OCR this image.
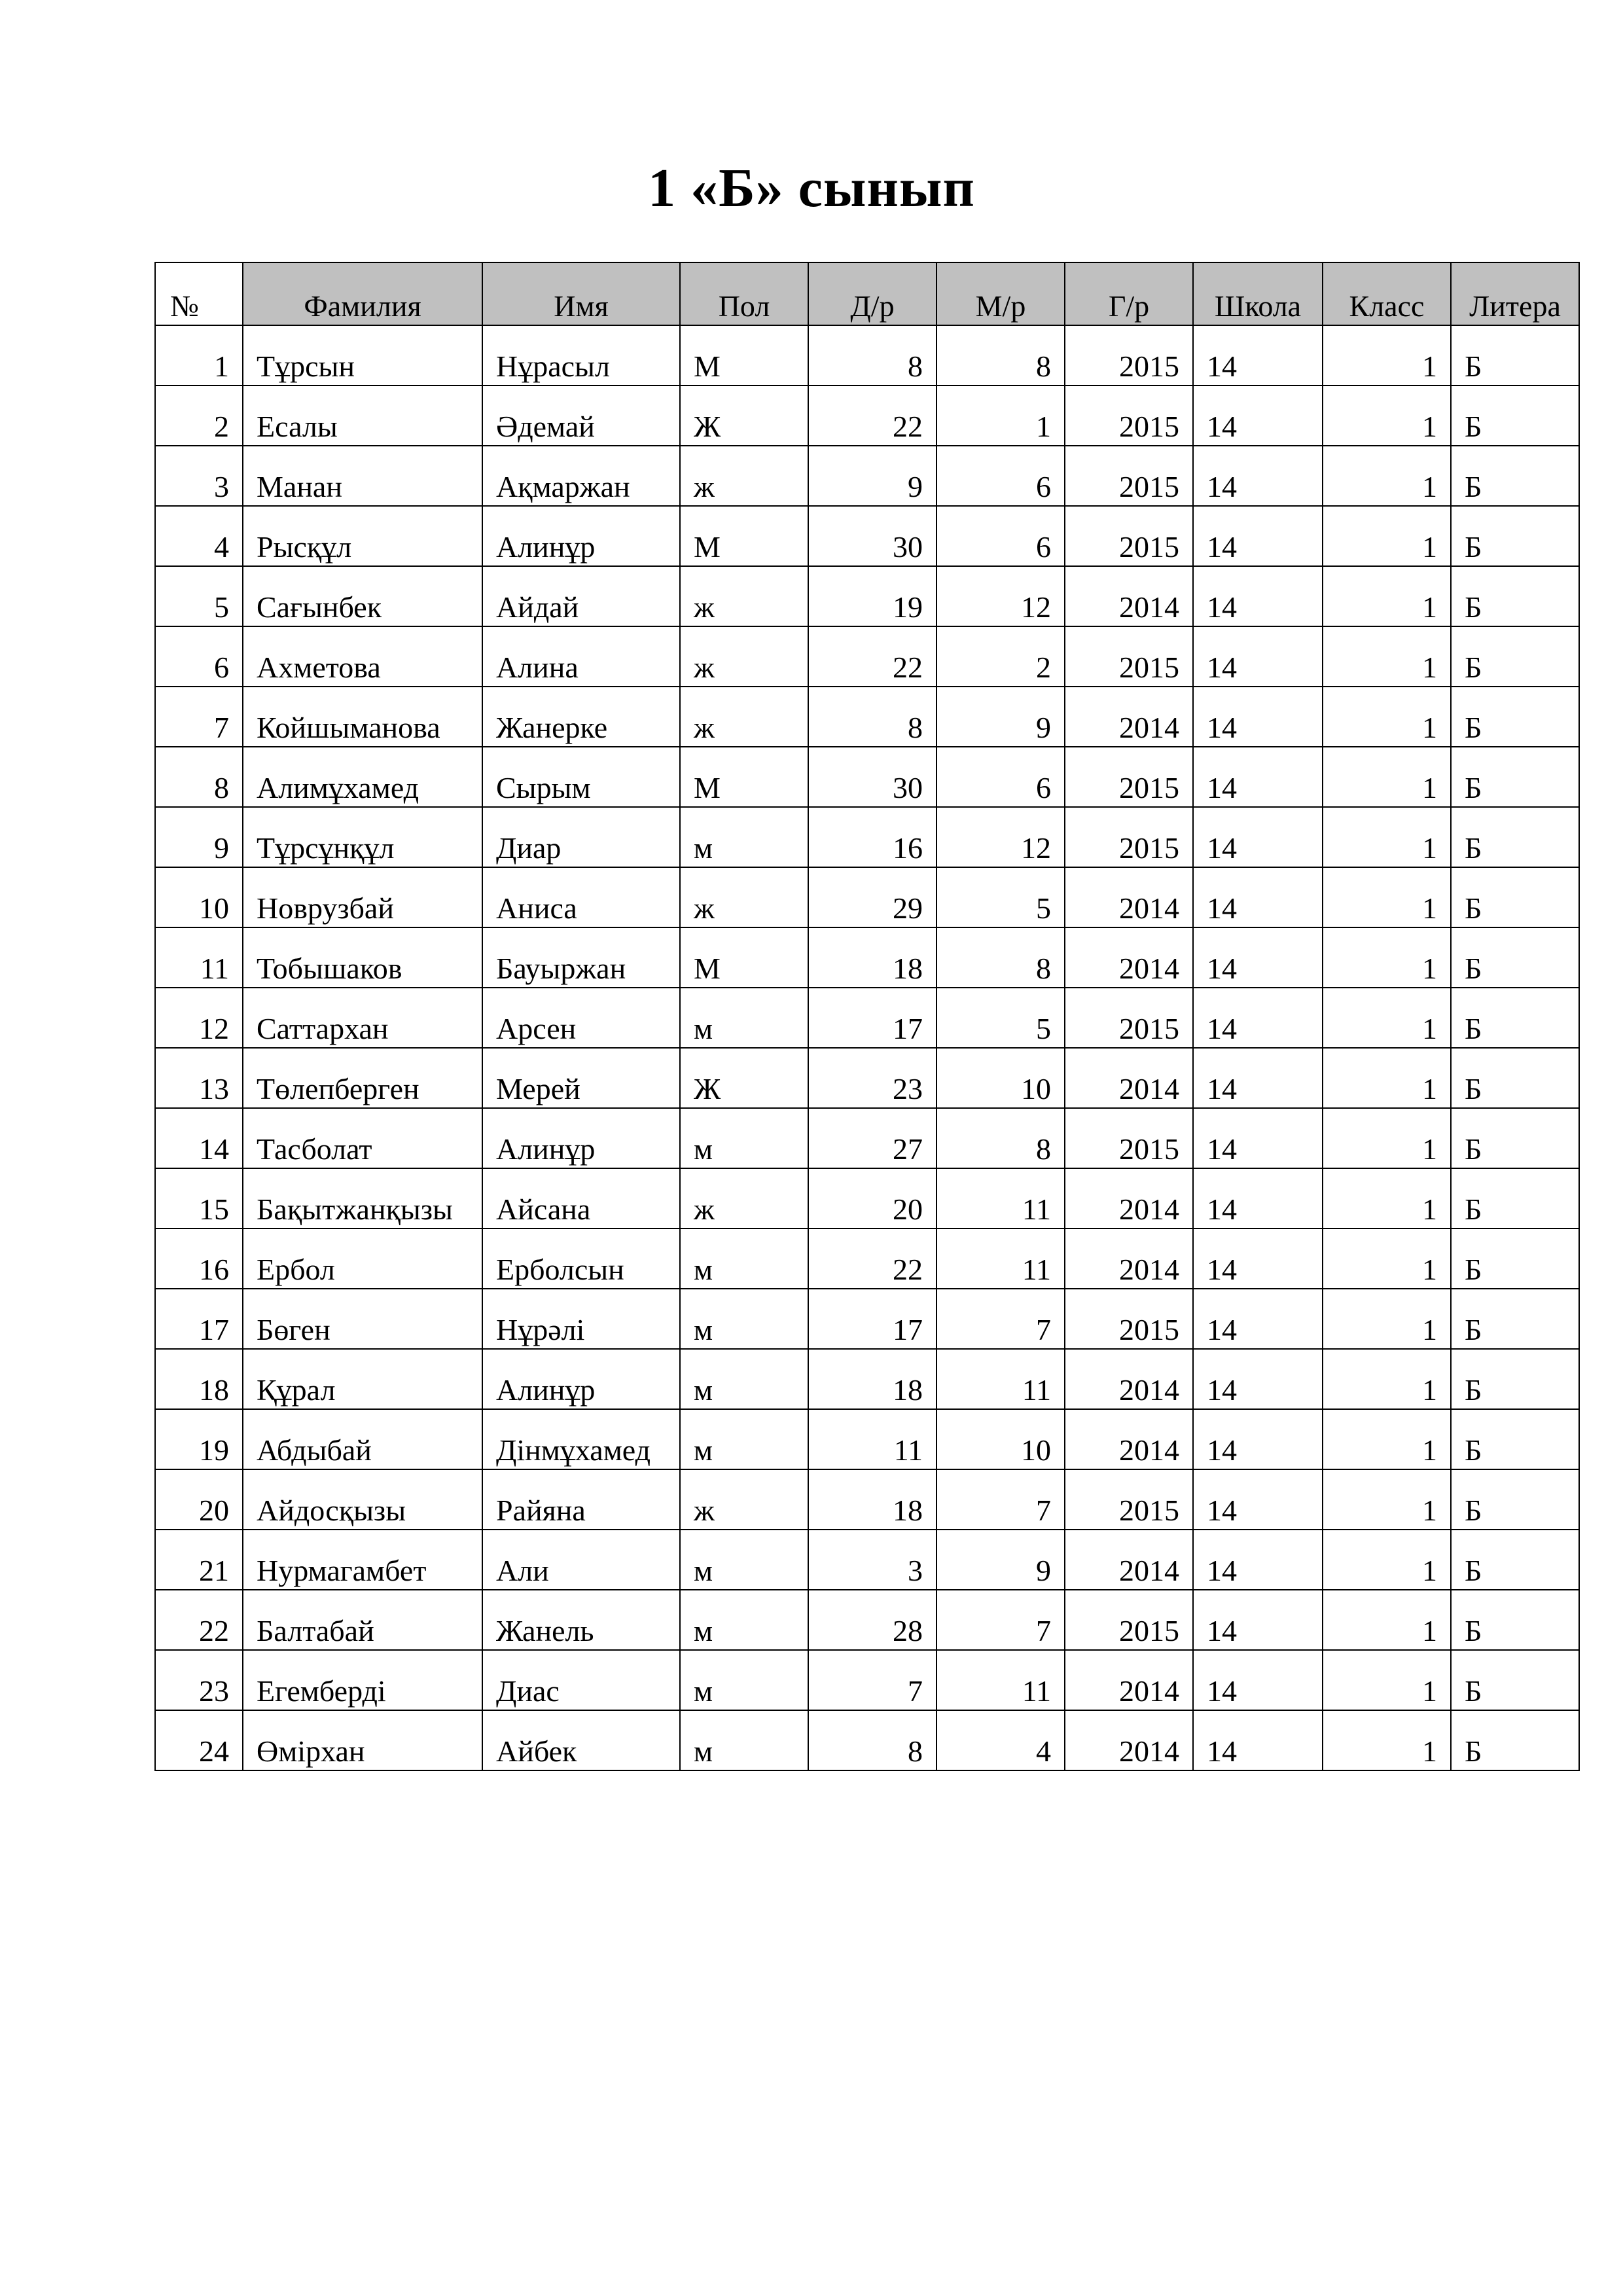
1 «Б» сынып
№	Фамилия	Имя	Пол	Д/р	М/р	Г/р	Школа	Класс	Литера
1	Тұрсын	Нұрасыл	М	8	8	2015	14	1	Б
2	Есалы	Әдемай	Ж	22	1	2015	14	1	Б
3	Манан	Ақмаржан	ж	9	6	2015	14	1	Б
4	Рысқұл	Алинұр	М	30	6	2015	14	1	Б
5	Сағынбек	Айдай	ж	19	12	2014	14	1	Б
6	Ахметова	Алина	ж	22	2	2015	14	1	Б
7	Койшыманова	Жанерке	ж	8	9	2014	14	1	Б
8	Алимұхамед	Сырым	М	30	6	2015	14	1	Б
9	Тұрсұнқұл	Диар	м	16	12	2015	14	1	Б
10	Новрузбай	Аниса	ж	29	5	2014	14	1	Б
11	Тобышаков	Бауыржан	М	18	8	2014	14	1	Б
12	Саттархан	Арсен	м	17	5	2015	14	1	Б
13	Төлепберген	Мерей	Ж	23	10	2014	14	1	Б
14	Тасболат	Алинұр	м	27	8	2015	14	1	Б
15	Бақытжанқызы	Айсана	ж	20	11	2014	14	1	Б
16	Ербол	Ерболсын	м	22	11	2014	14	1	Б
17	Бөген	Нұрәлі	м	17	7	2015	14	1	Б
18	Құрал	Алинұр	м	18	11	2014	14	1	Б
19	Абдыбай	Дінмұхамед	м	11	10	2014	14	1	Б
20	Айдосқызы	Райяна	ж	18	7	2015	14	1	Б
21	Нурмагамбет	Али	м	3	9	2014	14	1	Б
22	Балтабай	Жанель	м	28	7	2015	14	1	Б
23	Егемберді	Диас	м	7	11	2014	14	1	Б
24	Өмірхан	Айбек	м	8	4	2014	14	1	Б
